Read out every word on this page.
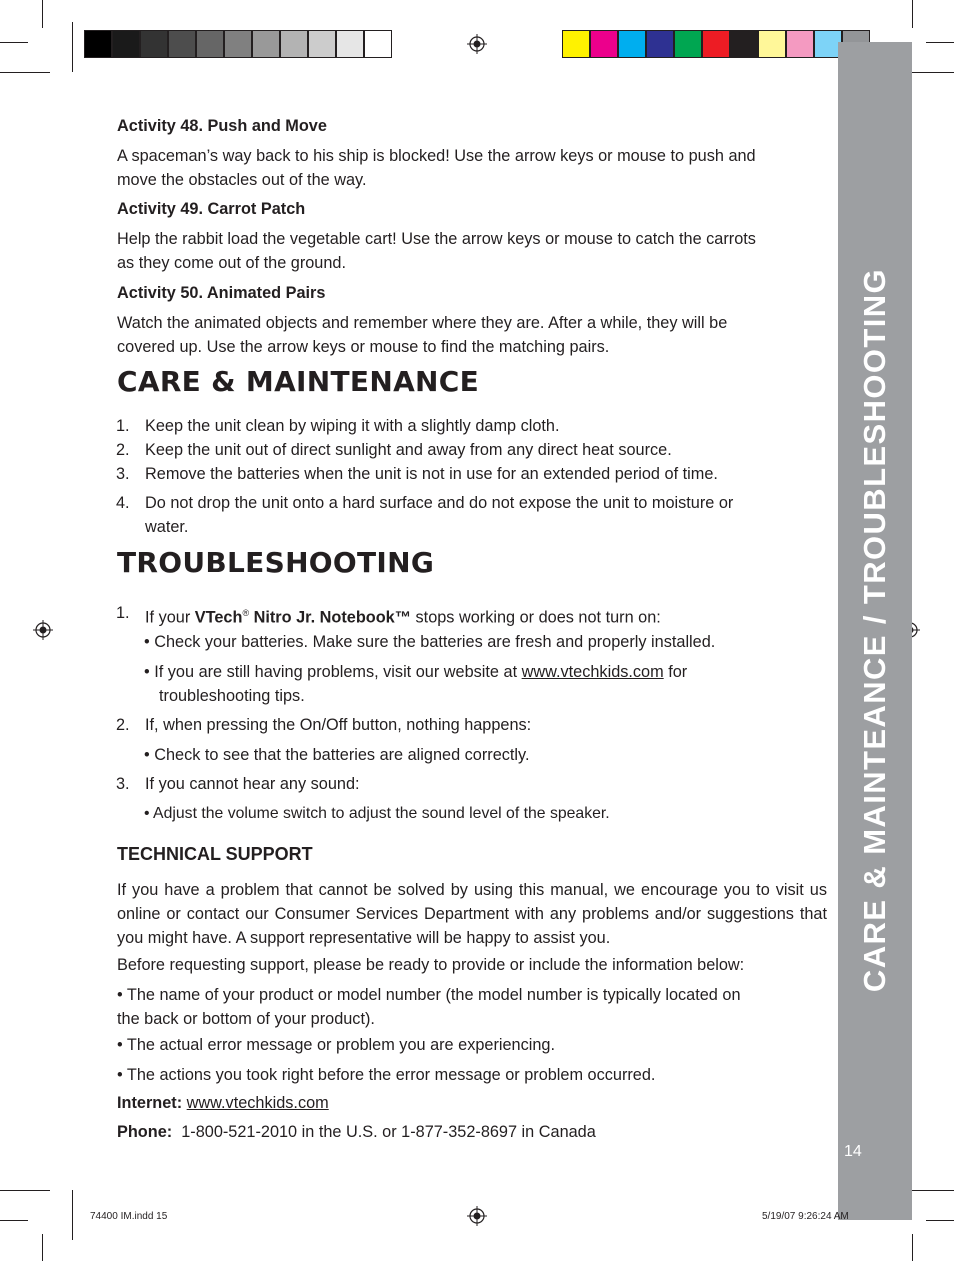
CARE & MAINTEANCE / TROUBLESHOOTING
14
Activity 48. Push and Move
A spaceman’s way back to his ship is blocked! Use the arrow keys or mouse to push and
move the obstacles out of the way.
Activity 49. Carrot Patch
Help the rabbit load the vegetable cart! Use the arrow keys or mouse to catch the carrots
as they come out of the ground.
Activity 50. Animated Pairs
Watch the animated objects and remember where they are. After a while, they will be
covered up. Use the arrow keys or mouse to find the matching pairs.
CARE & MAINTENANCE
1. Keep the unit clean by wiping it with a slightly damp cloth.
2. Keep the unit out of direct sunlight and away from any direct heat source.
3. Remove the batteries when the unit is not in use for an extended period of time.
4. Do not drop the unit onto a hard surface and do not expose the unit to moisture or
water.
TROUBLESHOOTING
1. If your VTech® Nitro Jr. Notebook™ stops working or does not turn on:
• Check your batteries. Make sure the batteries are fresh and properly installed.
• If you are still having problems, visit our website at www.vtechkids.com for
troubleshooting tips.
2. If, when pressing the On/Off button, nothing happens:
• Check to see that the batteries are aligned correctly.
3. If you cannot hear any sound:
• Adjust the volume switch to adjust the sound level of the speaker.
TECHNICAL SUPPORT
If you have a problem that cannot be solved by using this manual, we encourage you to visit us online or contact our Consumer Services Department with any problems and/or suggestions that you might have. A support representative will be happy to assist you.
Before requesting support, please be ready to provide or include the information below:
• The name of your product or model number (the model number is typically located on
the back or bottom of your product).
• The actual error message or problem you are experiencing.
• The actions you took right before the error message or problem occurred.
Internet: www.vtechkids.com
Phone: 1-800-521-2010 in the U.S. or 1-877-352-8697 in Canada
74400 IM.indd 15	5/19/07 9:26:24 AM
